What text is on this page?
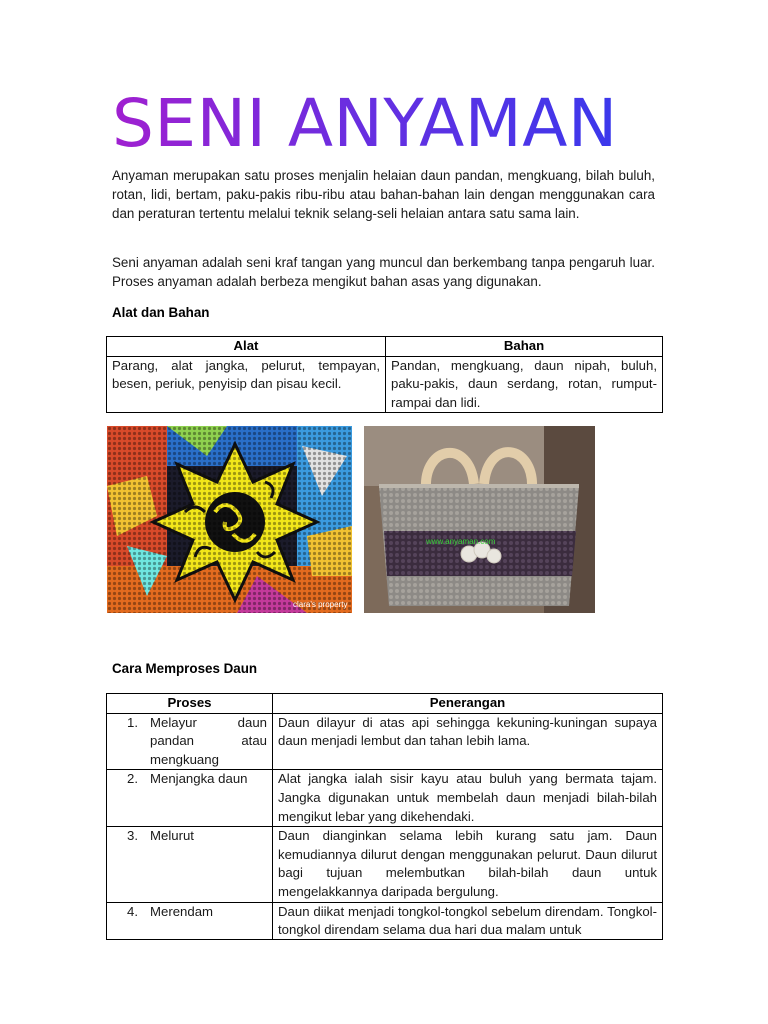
SENI ANYAMAN
Anyaman merupakan satu proses menjalin helaian daun pandan, mengkuang, bilah buluh, rotan, lidi, bertam, paku-pakis ribu-ribu atau bahan-bahan lain dengan menggunakan cara dan peraturan tertentu melalui teknik selang-seli helaian antara satu sama lain.
Seni anyaman adalah seni kraf tangan yang muncul dan berkembang tanpa pengaruh luar. Proses anyaman adalah berbeza mengikut bahan asas yang digunakan.
Alat dan Bahan
Alat	Bahan
Parang, alat jangka, pelurut, tempayan, besen, periuk, penyisip dan pisau kecil.	Pandan, mengkuang, daun nipah, buluh, paku-pakis, daun serdang, rotan, rumput-rampai dan lidi.
clara's property
www.anyaman.com
Cara Memproses Daun
Proses	Penerangan

1. Melayur daun pandan atau mengkuang	Daun dilayur di atas api sehingga kekuning-kuningan supaya daun menjadi lembut dan tahan lebih lama.

2. Menjangka daun	Alat jangka ialah sisir kayu atau buluh yang bermata tajam. Jangka digunakan untuk membelah daun menjadi bilah-bilah mengikut lebar yang dikehendaki.

3. Melurut	Daun dianginkan selama lebih kurang satu jam. Daun kemudiannya dilurut dengan menggunakan pelurut. Daun dilurut bagi tujuan melembutkan bilah-bilah daun untuk mengelakkannya daripada bergulung.

4. Merendam	Daun diikat menjadi tongkol-tongkol sebelum direndam. Tongkol-tongkol direndam selama dua hari dua malam untuk
